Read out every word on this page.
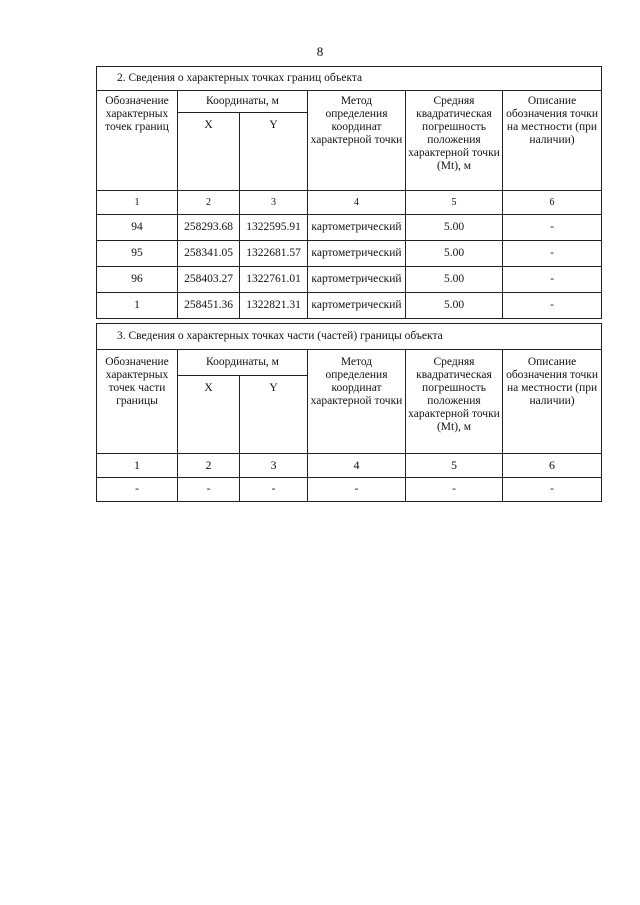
8
2. Сведения о характерных точках границ объекта					
Обозначение характерных точек границ	Координаты, м		Метод определения координат характерной точки	Средняя квадратическая погрешность положения характерной точки (Mt), м	Описание обозначения точки на местности (при наличии)
	X	Y			
1	2	3	4	5	6
94	258293.68	1322595.91	картометрический	5.00	-
95	258341.05	1322681.57	картометрический	5.00	-
96	258403.27	1322761.01	картометрический	5.00	-
1	258451.36	1322821.31	картометрический	5.00	-
3. Сведения о характерных точках части (частей) границы объекта					
Обозначение характерных точек части границы	Координаты, м		Метод определения координат характерной точки	Средняя квадратическая погрешность положения характерной точки (Mt), м	Описание обозначения точки на местности (при наличии)
	X	Y			
1	2	3	4	5	6
-	-	-	-	-	-
